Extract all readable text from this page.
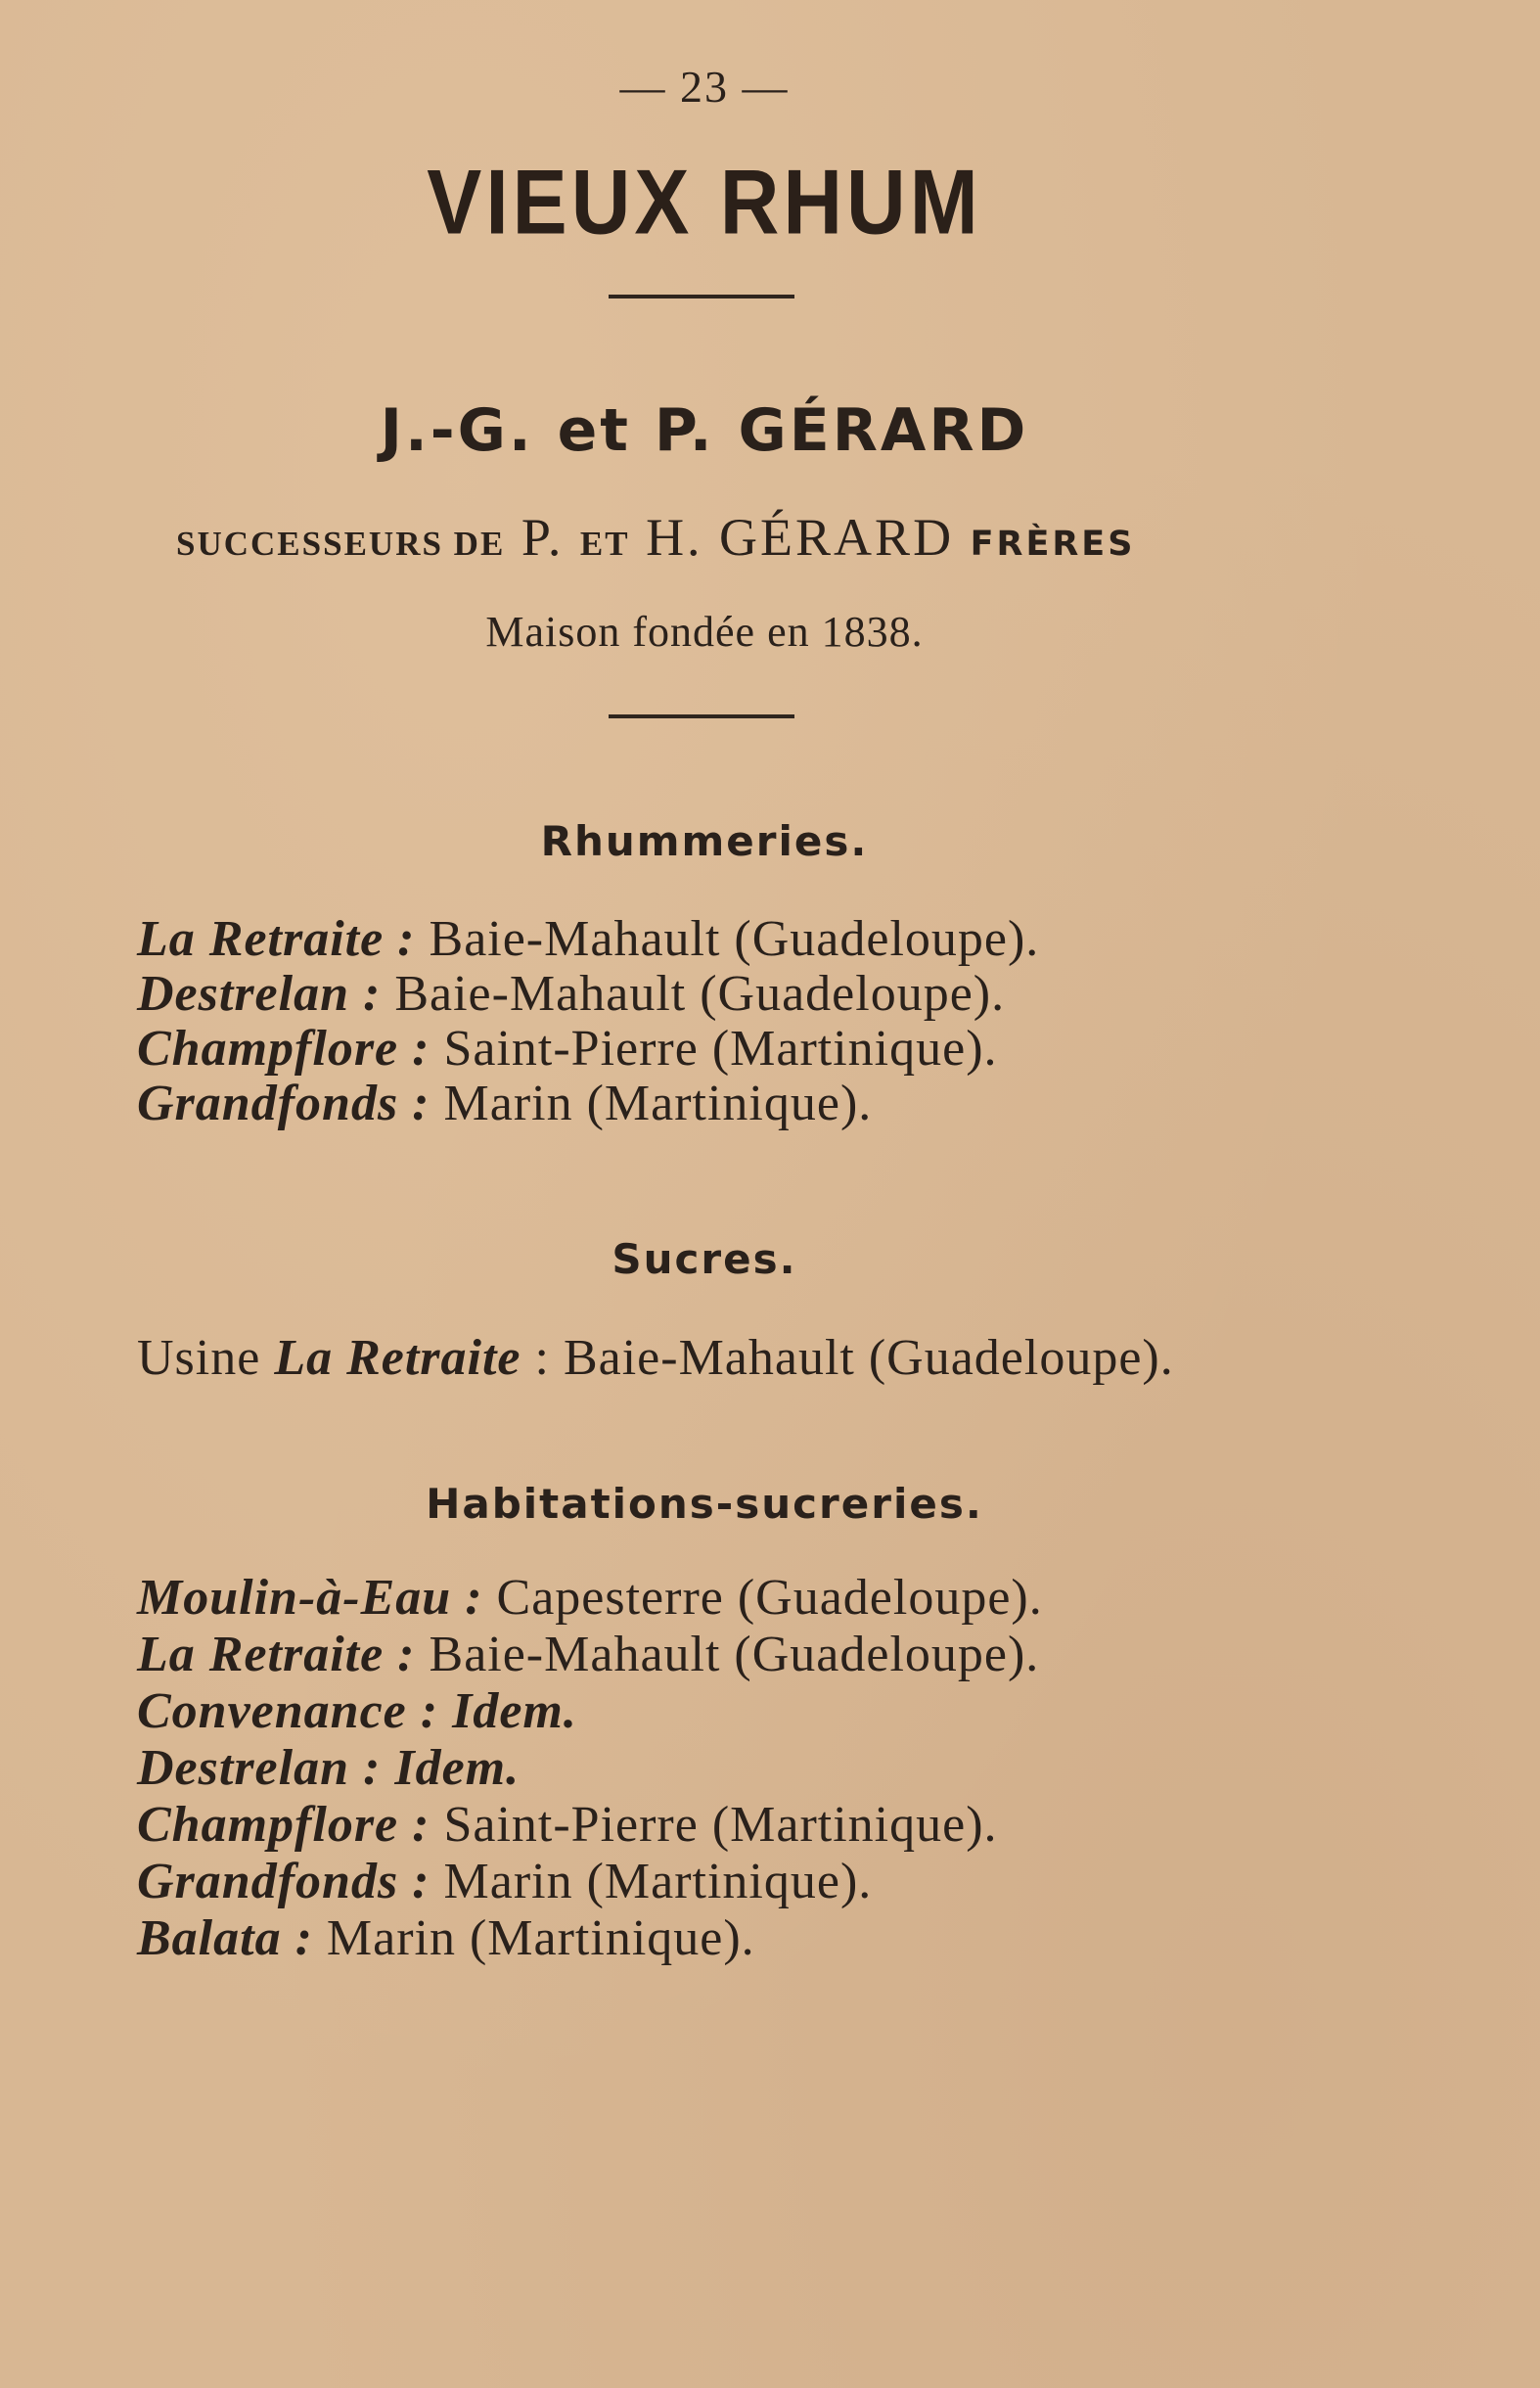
— 23 —
VIEUX RHUM
J.-G. et P. GÉRARD
SUCCESSEURS DE P. ET H. GÉRARD FRÈRES
Maison fondée en 1838.
Rhummeries.
La Retraite : Baie-Mahault (Guadeloupe).
Destrelan : Baie-Mahault (Guadeloupe).
Champflore : Saint-Pierre (Martinique).
Grandfonds : Marin (Martinique).
Sucres.
Usine La Retraite : Baie-Mahault (Guadeloupe).
Habitations-sucreries.
Moulin-à-Eau : Capesterre (Guadeloupe).
La Retraite : Baie-Mahault (Guadeloupe).
Convenance : Idem.
Destrelan : Idem.
Champflore : Saint-Pierre (Martinique).
Grandfonds : Marin (Martinique).
Balata : Marin (Martinique).
